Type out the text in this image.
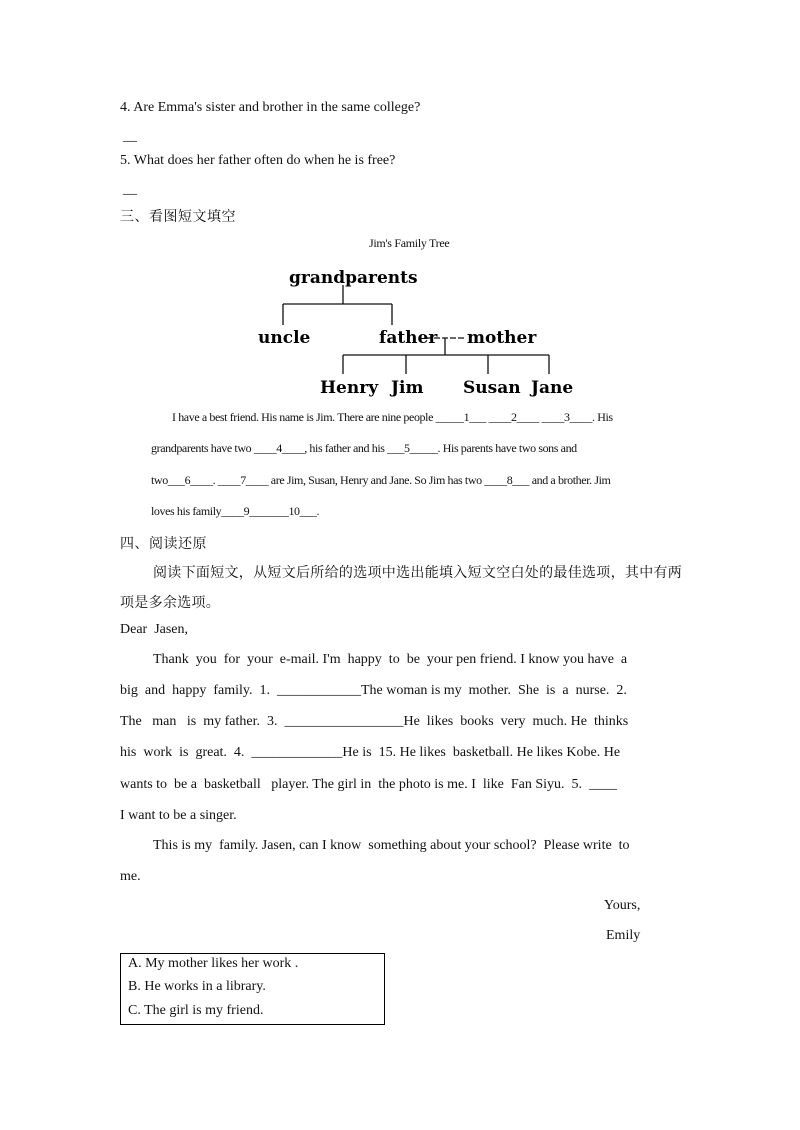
4. Are Emma's sister and brother in the same college?
__
5. What does her father often do when he is free?
__
三、看图短文填空
Jim's Family Tree
grandparents
uncle	father mother
Henry Jim Susan Jane
I have a best friend. His name is Jim. There are nine people _____1___ ____2____ ____3____. His
grandparents have two ____4____, his father and his ___5_____. His parents have two sons and
two___6____. ____7____ are Jim, Susan, Henry and Jane. So Jim has two ____8___ and a brother. Jim
loves his family____9_______10___.
四、阅读还原
阅读下面短文，从短文后所给的选项中选出能填入短文空白处的最佳选项，其中有两
项是多余选项。
Dear  Jasen,
Thank  you  for  your  e-mail. I'm  happy  to  be  your pen friend. I know you have  a
big  and  happy  family.  1.  ____________The woman is my  mother.  She  is  a  nurse.  2.
The   man   is  my father.  3.  _________________He  likes  books  very  much. He  thinks
his  work  is  great.  4.  _____________He is  15. He likes  basketball. He likes Kobe. He
wants to  be a  basketball   player. The girl in  the photo is me. I  like  Fan Siyu.  5.  ____
I want to be a singer.
This is my  family. Jasen, can I know  something about your school?  Please write  to
me.
Yours,
Emily
A. My mother likes her work .
B. He works in a library.
C. The girl is my friend.
